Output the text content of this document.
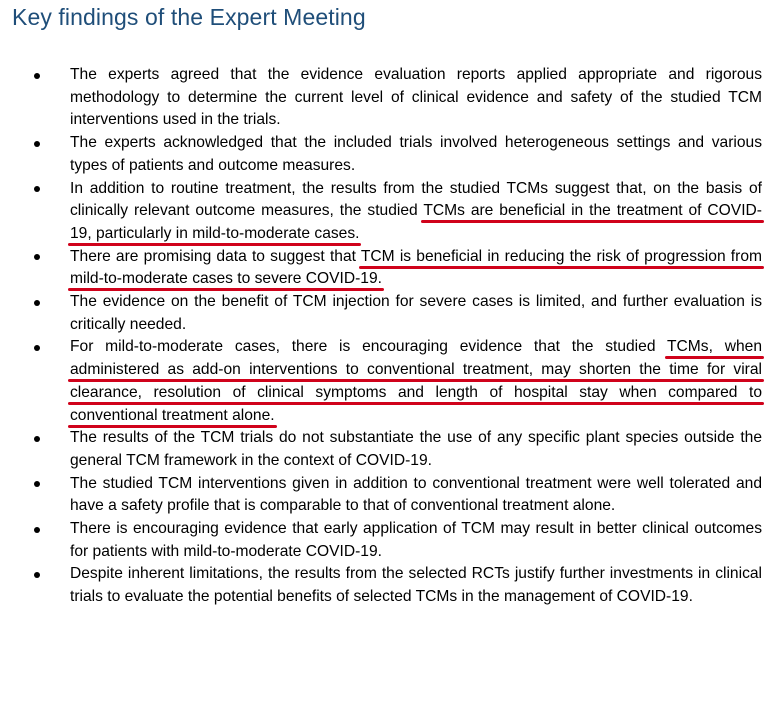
Key findings of the Expert Meeting
The experts agreed that the evidence evaluation reports applied appropriate and rigorous methodology to determine the current level of clinical evidence and safety of the studied TCM interventions used in the trials.
The experts acknowledged that the included trials involved heterogeneous settings and various types of patients and outcome measures.
In addition to routine treatment, the results from the studied TCMs suggest that, on the basis of clinically relevant outcome measures, the studied TCMs are beneficial in the treatment of COVID-19, particularly in mild-to-moderate cases.
There are promising data to suggest that TCM is beneficial in reducing the risk of progression from mild-to-moderate cases to severe COVID-19.
The evidence on the benefit of TCM injection for severe cases is limited, and further evaluation is critically needed.
For mild-to-moderate cases, there is encouraging evidence that the studied TCMs, when administered as add-on interventions to conventional treatment, may shorten the time for viral clearance, resolution of clinical symptoms and length of hospital stay when compared to conventional treatment alone.
The results of the TCM trials do not substantiate the use of any specific plant species outside the general TCM framework in the context of COVID-19.
The studied TCM interventions given in addition to conventional treatment were well tolerated and have a safety profile that is comparable to that of conventional treatment alone.
There is encouraging evidence that early application of TCM may result in better clinical outcomes for patients with mild-to-moderate COVID-19.
Despite inherent limitations, the results from the selected RCTs justify further investments in clinical trials to evaluate the potential benefits of selected TCMs in the management of COVID-19.
